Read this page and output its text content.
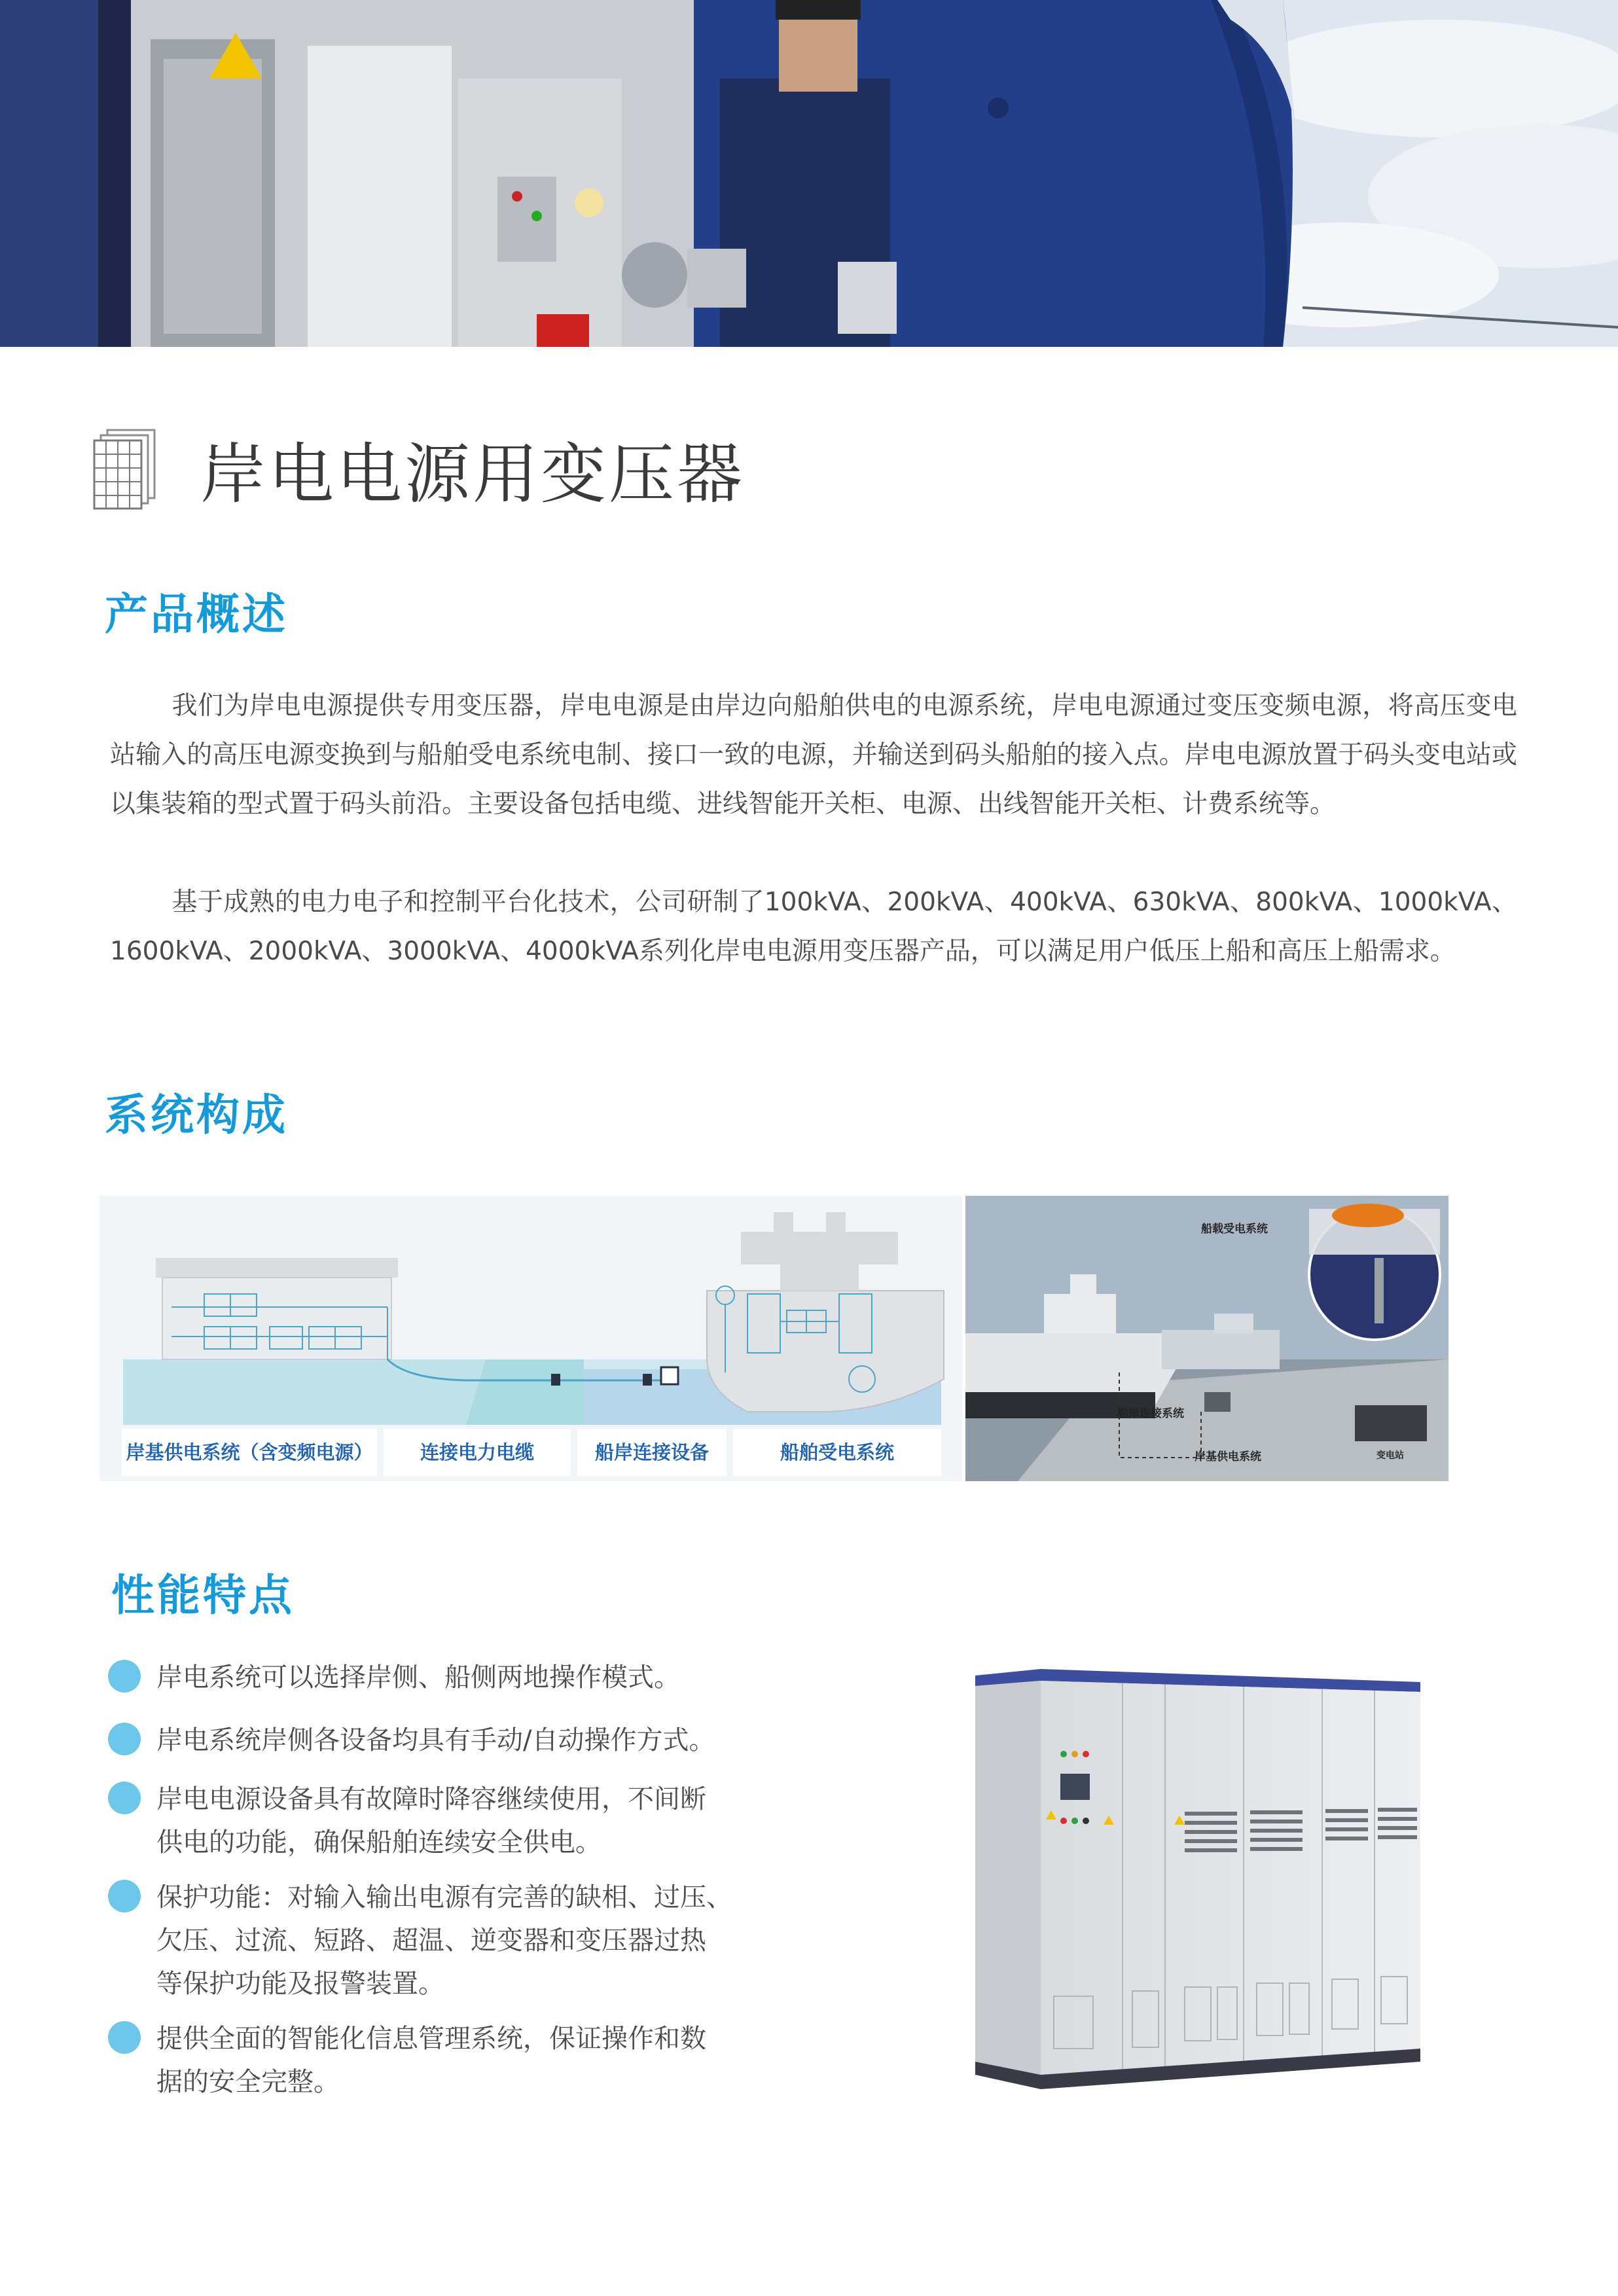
岸电电源用变压器
产品概述

我们为岸电电源提供专用变压器，岸电电源是由岸边向船舶供电的电源系统，岸电电源通过变压变频电源，将高压变电站输入的高压电源变换到与船舶受电系统电制、接口一致的电源，并输送到码头船舶的接入点。岸电电源放置于码头变电站或以集装箱的型式置于码头前沿。主要设备包括电缆、进线智能开关柜、电源、出线智能开关柜、计费系统等。

基于成熟的电力电子和控制平台化技术，公司研制了100kVA、200kVA、400kVA、630kVA、800kVA、1000kVA、1600kVA、2000kVA、3000kVA、4000kVA系列化岸电电源用变压器产品，可以满足用户低压上船和高压上船需求。

系统构成
岸基供电系统（含变频电源）	连接电力电缆	船岸连接设备	船舶受电系统
船载受电系统
船岸连接系统
岸基供电系统	变电站
性能特点
岸电系统可以选择岸侧、船侧两地操作模式。
岸电系统岸侧各设备均具有手动/自动操作方式。
岸电电源设备具有故障时降容继续使用，不间断
供电的功能，确保船舶连续安全供电。
保护功能：对输入输出电源有完善的缺相、过压、
欠压、过流、短路、超温、逆变器和变压器过热
等保护功能及报警装置。
提供全面的智能化信息管理系统，保证操作和数
据的安全完整。
